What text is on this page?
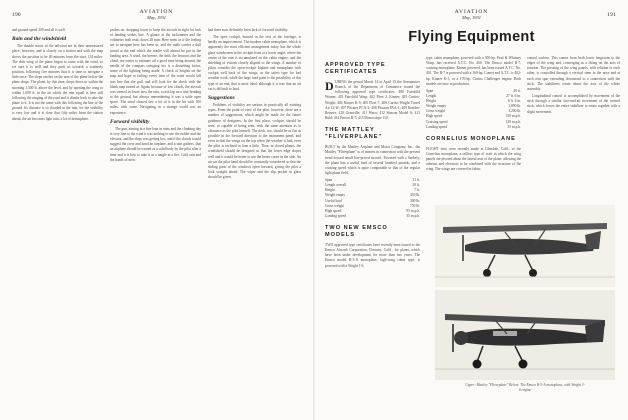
190	AVIATION
May, 1931

and ground speed 209 and all is well.

Rain and the windshield

The double traces of the tailwind are in their unmeasured place, however, and is closely on a station and with the map shows the position to be 40 minutes from the start, 134 miles. The drift wing of the plane began to come with the wind, so we sure it is well and they push us towards a southerly position, following five minutes that it is time to navigate a little once. The slope ratchet on the arm of the plane before the plane drops. The plane, by this time, drops down to within the morning 1,500 ft. above the level, and by opening the wing to within 1,000 ft. in the air which the rain squall is here still following the ranging of the road and it climbs back to take the plane to it. It is not the same with this following the line of the ground. Its distance is so clouded in the rain, for the visibility is very low and it is clear that fifty miles from the station ahead, the air becomes light rain, a lot of hemisphere.

probes on, dropping lower to keep the aircraft in sight for lack of landing strikes line. A glance at the tachometer and the voltmeter both read, down 20 min. Here seem as if the feeling are to navigate here has been so, and the radio carries a dull sound at the end which the reader will almost be put in the landing area. A wind, the breeze, the drift, the beacons and the cloud, are easier to estimate all a good time being around, the needle of the compass swinging too is a disturbing factor, some of the lighting being made. A check of heights on the map and hope or failing; every item of the route would fall into line that the gull, and will look for the check with the blank map turned at. Again, because of low clouds, the aircraft was steered in lower now the rain, a rash lap on a true heading to the ground, but always remembering it was a wide open space. The wind cleared fast a lot of it in the bit with 100 miles, with some. Navigating in a strange world was an experience.

Forward visibility

The gun, aiming in a fine lean in rains and the climbing day is very fine to the wind it was nothing to use the rudder and the elevator, and the ships was getting low, and if the clouds would suggest the crew and hand an airplane, and a rain gathers, that an airplane should be treated as a solid body by the pilot after a time and it is best to take it as a tangle at a fire. Cold rain and the hands of men.

had there now definitely been lack of forward visibility.

The open cockpit, housed in the rest of the fuselage, is hardly an improvement. The modern cabin monoplane, which is apparently the most efficient arrangement today, has the whole glass-windscreen in the cockpit front at a lower angle, where the center of the rain is accumulated on the cabin engine, and the shielding of visions closely aligned to the wings. A number of pilots consider the open-cockpit biplane and monoplane with cockpit well back of the wings, as the safest type for bad weather work, while the large load point is the possibility of this type of an end, that is most ideal, although it is true that an air car is difficult to land.

Suggestions

Problems of visibility are serious in practically all existing types. From the point of view of the pilot, however, there are a number of suggestions, which might be made for the future guidance of designers. In the first place, cockpits should be seen, or capable of being seen, with the same attention as to clearance as the pilot himself. The deck, too, should be as flat as possible in the forward direction to the instrument panel, and even in that the wings on the top when the weather is bad, even the pilot is inclined to lean a little. Then, in closed planes, the windshield should be designed so that the lower edge slopes well and it would be better to use the better curve in the side. An air car the pilot hand should be constantly considered so that the sliding parts of the windows open forward, giving the pilot a look straight ahead. The wiper and the slip pocket in glass should be given.

191
AVIATION
May, 1931
Flying Equipment
APPROVED TYPE CERTIFICATES

DURING the period March 14 to April 15 the Aeronautics Branch of the Department of Commerce issued the following approved type certificates: 400 Fairchild Warner; 401 Fairchild Wasp; 402 Fleet 2, Kinner; 403 Curtiss-Wright; 404 Kinner K-5; 405 Fleet 7; 406 Curtiss-Wright Travel Air 12-W; 407 Pitcairn PCA-2; 408 Pitcairn PAA-1; 409 Kreider-Reisner; 410 Granville; 411 Waco; 412 Stinson Model S; 413 Buhl; 414 Emsco B-7; 415 Monocoupe 110.

THE MATTLEY "FLIVERPLANE"

BUILT by the Mattley Airplane and Motor Company, Inc., the Mattley "Fliverplane" is of interest in connection with the present trend toward small low-priced aircraft. Powered with a Szekely, the plane has a useful load of several hundred pounds, and a cruising speed which is quite comparable to that of the regular light plane field.

Span	31 ft.
Length overall	20 ft.
Height	7 ft.
Weight empty	450 lb.
Useful load	300 lb.
Gross weight	750 lb.
High speed	95 m.p.h.
Landing speed	35 m.p.h.
TWO NEW EMSCO MODELS

TWO approved type certificates have recently been issued to the Emsco Aircraft Corporation, Downey, Calif., for planes which have been under development for more than two years. The Emsco model B-3-A monoplane, high-wing cabin type, is powered with a Wright J-6.

type, cabin monoplane, powered with a 300-hp. Pratt & Whitney Wasp, has received A.T.C. No. 400. The Emsco model B-7, cruising monoplane, Kinner powered, has been issued A.T.C. No. 401. The B-7 is powered with a 160-hp. Comet and A.T.C. is 402-hp. Kinner K-5, or a 170-hp. Curtiss Challenger engine. Both models are now in production.

Span	40 ft.
Length	27 ft. 6 in.
Height	8 ft. 6 in.
Weight empty	1,890 lb.
Gross weight	3,200 lb.
High speed	150 m.p.h.
Cruising speed	128 m.p.h.
Landing speed	55 m.p.h.
CORNELIUS MONOPLANE

FLIGHT tests were recently made at Glendale, Calif., of the Cornelius monoplane, a tailless type of craft in which the wing panels are pivoted about the lateral axis of the plane, allowing the ailerons and elevators to be combined with the structure of the wing. The wings are covered in fabric.

control surface. This comes from both lower longerons to the edges of the wing and, converging as a fitting on the axis of rotation. The pivoting of the wing panels, with relation to each other, is controlled through a vertical stem in the nose and at each rear spar extending downward to a connection with the stick. The stabilizers rotate about the axis of the whole assembly.

Longitudinal control is accomplished by movement of the stick through a similar fore-and-aft movement of the control stick, which forces the entire stabilizer to rotate together with a slight movement.

Upper: Mattley "Fliverplane" Below: The Emsco B-3-A monoplane, with Wright J-6 engine
